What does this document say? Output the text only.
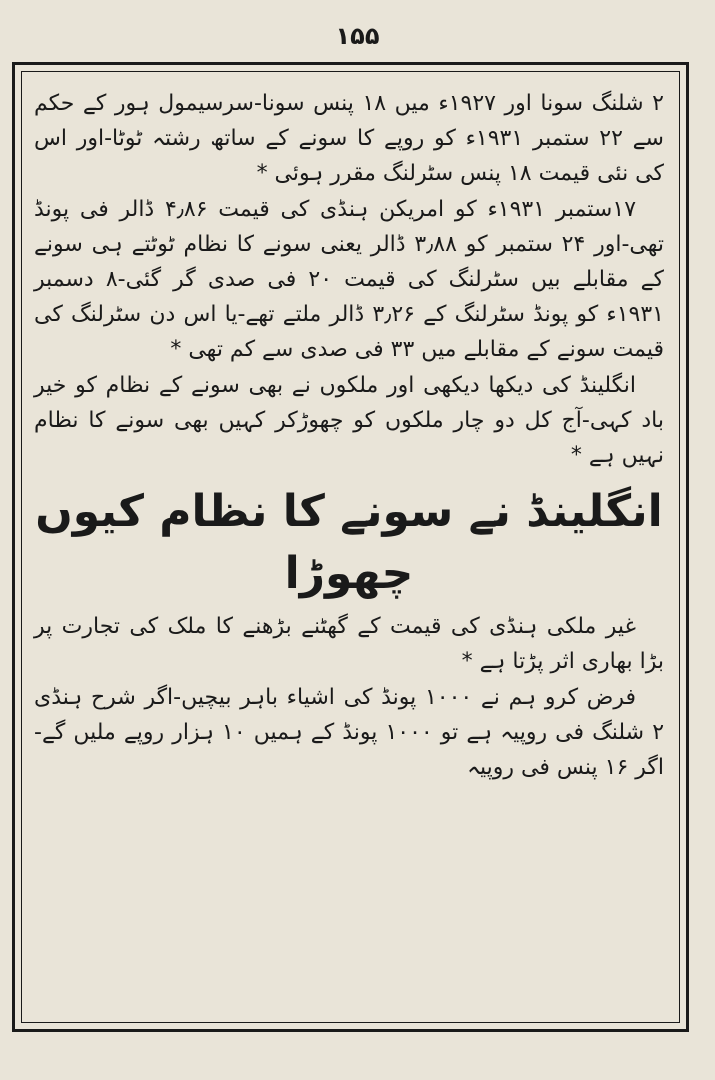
۱۵۵

۲ شلنگ سونا اور ۱۹۲۷ء میں ۱۸ پنس سونا-سرسیمول ہور کے حکم سے ۲۲ ستمبر ۱۹۳۱ء کو روپے کا سونے کے ساتھ رشتہ ٹوٹا-اور اس کی نئی قیمت ۱۸ پنس سٹرلنگ مقرر ہوئی *

۱۷ستمبر ۱۹۳۱ء کو امریکن ہنڈی کی قیمت ۴٫۸۶ ڈالر فی پونڈ تھی-اور ۲۴ ستمبر کو ۳٫۸۸ ڈالر یعنی سونے کا نظام ٹوٹتے ہی سونے کے مقابلے بیں سٹرلنگ کی قیمت ۲۰ فی صدی گر گئی-۸ دسمبر ۱۹۳۱ء کو پونڈ سٹرلنگ کے ۳٫۲۶ ڈالر ملتے تھے-یا اس دن سٹرلنگ کی قیمت سونے کے مقابلے میں ۳۳ فی صدی سے کم تھی *

انگلینڈ کی دیکھا دیکھی اور ملکوں نے بھی سونے کے نظام کو خیر باد کہی-آج کل دو چار ملکوں کو چھوڑکر کہیں بھی سونے کا نظام نہیں ہے *

انگلینڈ نے سونے کا نظام کیوں چھوڑا

غیر ملکی ہنڈی کی قیمت کے گھٹنے بڑھنے کا ملک کی تجارت پر بڑا بھاری اثر پڑتا ہے *

فرض کرو ہم نے ۱۰۰۰ پونڈ کی اشیاء باہر بیچیں-اگر شرح ہنڈی ۲ شلنگ فی روپیہ ہے تو ۱۰۰۰ پونڈ کے ہمیں ۱۰ ہزار روپے ملیں گے-اگر ۱۶ پنس فی روپیہ
